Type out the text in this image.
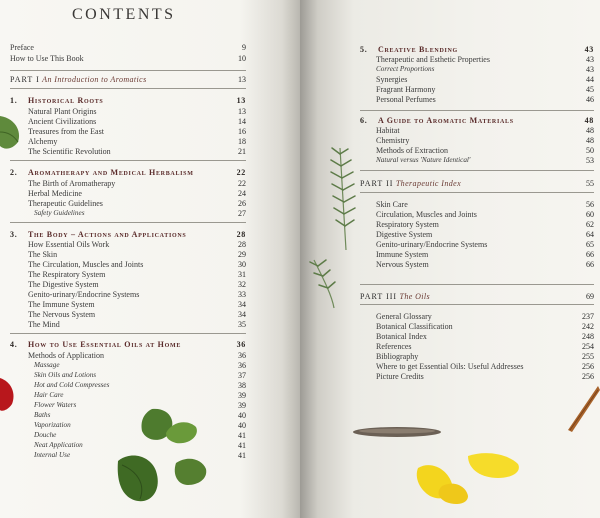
CONTENTS
Preface	9
How to Use This Book	10
PART I An Introduction to Aromatics	13
1. Historical Roots	13
Natural Plant Origins	13
Ancient Civilizations	14
Treasures from the East	16
Alchemy	18
The Scientific Revolution	21
2. Aromatherapy and Medical Herbalism	22
The Birth of Aromatherapy	22
Herbal Medicine	24
Therapeutic Guidelines	26
Safety Guidelines	27
3. The Body – Actions and Applications	28
How Essential Oils Work	28
The Skin	29
The Circulation, Muscles and Joints	30
The Respiratory System	31
The Digestive System	32
Genito-urinary/Endocrine Systems	33
The Immune System	34
The Nervous System	34
The Mind	35
4. How to Use Essential Oils at Home	36
Methods of Application	36
Massage	36
Skin Oils and Lotions	37
Hot and Cold Compresses	38
Hair Care	39
Flower Waters	39
Baths	40
Vaporization	40
Douche	41
Neat Application	41
Internal Use	41
5. Creative Blending	43
Therapeutic and Esthetic Properties	43
Correct Proportions	43
Synergies	44
Fragrant Harmony	45
Personal Perfumes	46
6. A Guide to Aromatic Materials	48
Habitat	48
Chemistry	48
Methods of Extraction	50
Natural versus 'Nature Identical'	53
PART II Therapeutic Index	55
Skin Care	56
Circulation, Muscles and Joints	60
Respiratory System	62
Digestive System	64
Genito-urinary/Endocrine Systems	65
Immune System	66
Nervous System	66
PART III The Oils	69
General Glossary	237
Botanical Classification	242
Botanical Index	248
References	254
Bibliography	255
Where to get Essential Oils: Useful Addresses	256
Picture Credits	256
